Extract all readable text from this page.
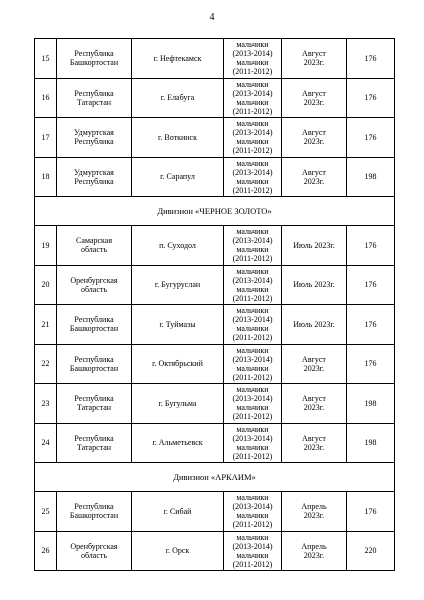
4
15	Республика
Башкортостан	г. Нефтекамск	мальчики
(2013-2014)
мальчики
(2011-2012)	Август
2023г.	176
16	Республика
Татарстан	г. Елабуга	мальчики
(2013-2014)
мальчики
(2011-2012)	Август
2023г.	176
17	Удмуртская
Республика	г. Воткинск	мальчики
(2013-2014)
мальчики
(2011-2012)	Август
2023г.	176
18	Удмуртская
Республика	г. Сарапул	мальчики
(2013-2014)
мальчики
(2011-2012)	Август
2023г.	198
Дивизион «ЧЕРНОЕ ЗОЛОТО»					
19	Самарская
область	п. Суходол	мальчики
(2013-2014)
мальчики
(2011-2012)	Июль 2023г.	176
20	Оренбургская
область	г. Бугурусла​н	мальчики
(2013-2014)
мальчики
(2011-2012)	Июль 2023г.	176
21	Республика
Башкортостан	г. Туймазы	мальчики
(2013-2014)
мальчики
(2011-2012)	Июль 2023г.	176
22	Республика
Башкортостан	г. Октябрьский	мальчики
(2013-2014)
мальчики
(2011-2012)	Август
2023г.	176
23	Республика
Татарстан	г. Бугульма	мальчики
(2013-2014)
мальчики
(2011-2012)	Август
2023г.	198
24	Республика
Татарстан	г. Альметьевск	мальчики
(2013-2014)
мальчики
(2011-2012)	Август
2023г.	198
Дивизион «АРКАИМ»					
25	Республика
Башкортостан	г. Сибай	мальчики
(2013-2014)
мальчики
(2011-2012)	Апрель
2023г.	176
26	Оренбургская
область	г. Орск	мальчики
(2013-2014)
мальчики
(2011-2012)	Апрель
2023г.	220
